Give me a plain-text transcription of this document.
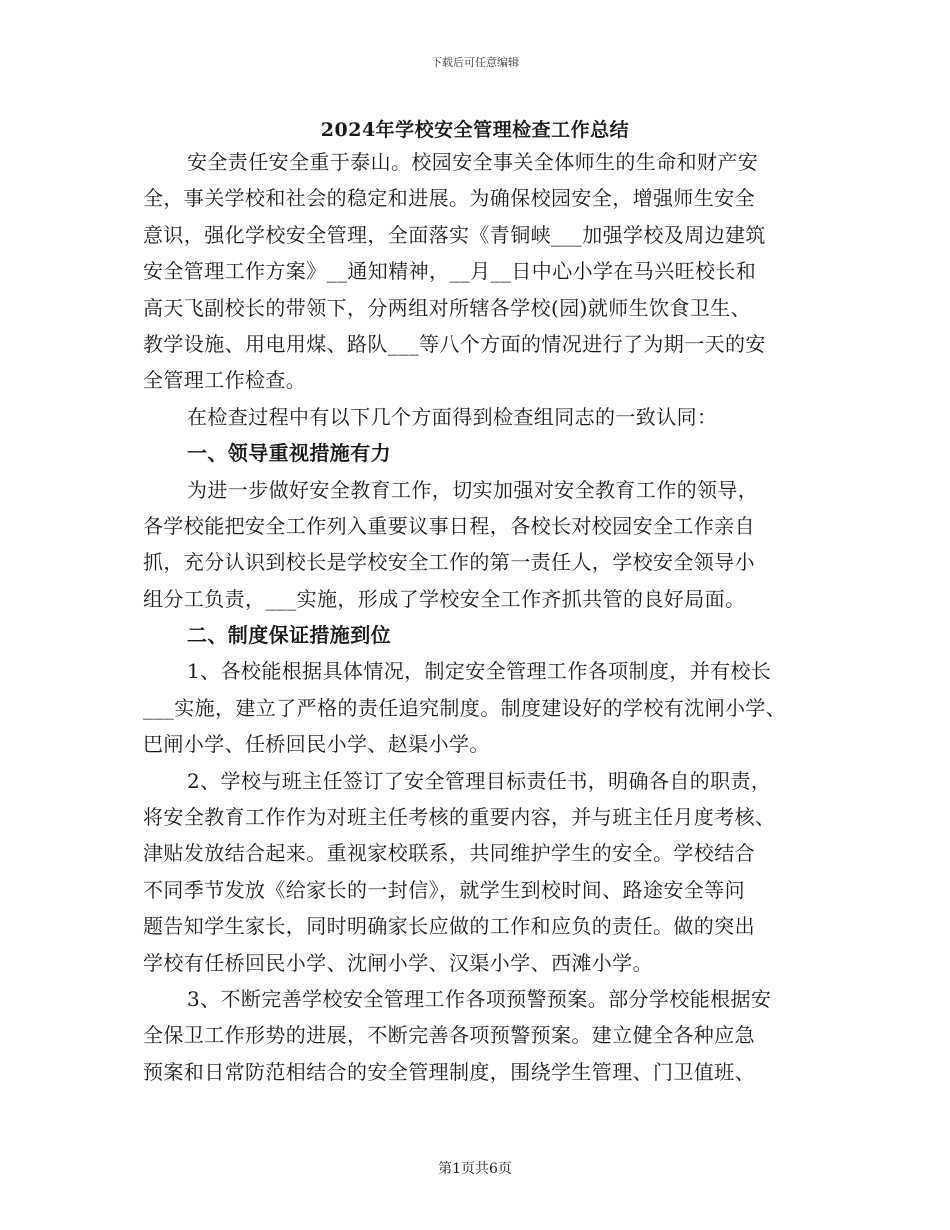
下载后可任意编辑
2024年学校安全管理检查工作总结
安全责任安全重于泰山。校园安全事关全体师生的生命和财产安
全，事关学校和社会的稳定和进展。为确保校园安全，增强师生安全
意识，强化学校安全管理，全面落实《青铜峡___加强学校及周边建筑
安全管理工作方案》__通知精神，__月__日中心小学在马兴旺校长和
高天飞副校长的带领下，分两组对所辖各学校(园)就师生饮食卫生、
教学设施、用电用煤、路队___等八个方面的情况进行了为期一天的安
全管理工作检查。
在检查过程中有以下几个方面得到检查组同志的一致认同：
一、领导重视措施有力
为进一步做好安全教育工作，切实加强对安全教育工作的领导，
各学校能把安全工作列入重要议事日程，各校长对校园安全工作亲自
抓，充分认识到校长是学校安全工作的第一责任人，学校安全领导小
组分工负责，___实施，形成了学校安全工作齐抓共管的良好局面。
二、制度保证措施到位
1、各校能根据具体情况，制定安全管理工作各项制度，并有校长
___实施，建立了严格的责任追究制度。制度建设好的学校有沈闸小学、
巴闸小学、任桥回民小学、赵渠小学。
2、学校与班主任签订了安全管理目标责任书，明确各自的职责，
将安全教育工作作为对班主任考核的重要内容，并与班主任月度考核、
津贴发放结合起来。重视家校联系，共同维护学生的安全。学校结合
不同季节发放《给家长的一封信》，就学生到校时间、路途安全等问
题告知学生家长，同时明确家长应做的工作和应负的责任。做的突出
学校有任桥回民小学、沈闸小学、汉渠小学、西滩小学。
3、不断完善学校安全管理工作各项预警预案。部分学校能根据安
全保卫工作形势的进展，不断完善各项预警预案。建立健全各种应急
预案和日常防范相结合的安全管理制度，围绕学生管理、门卫值班、
第1页共6页
